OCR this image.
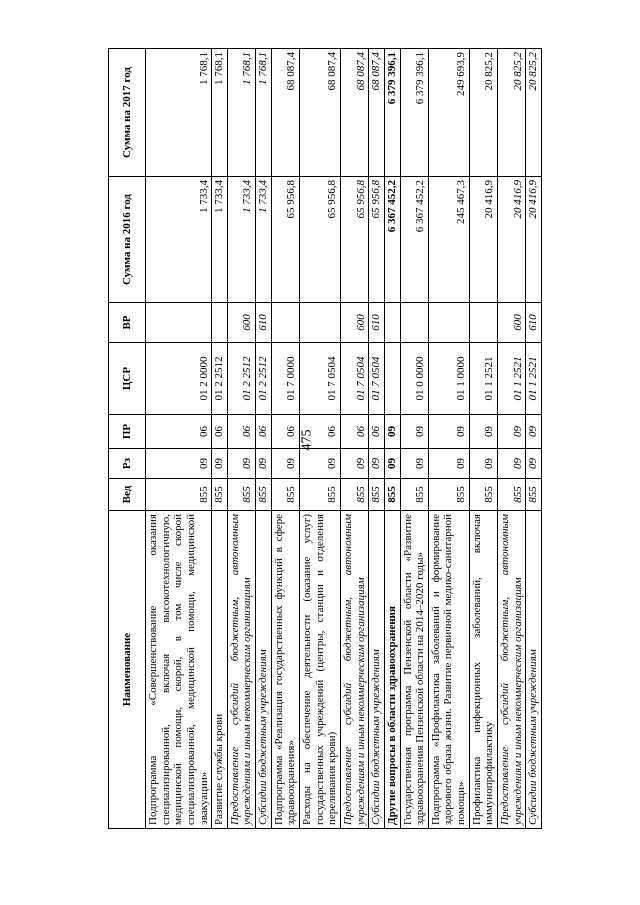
475
Наименование	Вед	Рз	ПР	ЦСР	ВР	Сумма на 2016 год	Сумма на 2017 год
Подпрограмма «Совершенствование оказания специализированной, включая высокотехнологичную, медицинской помощи, скорой, в том числе скорой специализированной, медицинской помощи, медицинской эвакуации»	855	09	06	01 2 0000		1 733,4	1 768,1
Развитие службы крови	855	09	06	01 2 2512		1 733,4	1 768,1
Предоставление субсидий бюджетным, автономным учреждениям и иным некоммерческим организациям	855	09	06	01 2 2512	600	1 733,4	1 768,1
Субсидии бюджетным учреждениям	855	09	06	01 2 2512	610	1 733,4	1 768,1
Подпрограмма «Реализация государственных функций в сфере здравоохранения»	855	09	06	01 7 0000		65 956,8	68 087,4
Расходы на обеспечение деятельности (оказание услуг) государственных учреждений (центры, станции и отделения переливания крови)	855	09	06	01 7 0504		65 956,8	68 087,4
Предоставление субсидий бюджетным, автономным учреждениям и иным некоммерческим организациям	855	09	06	01 7 0504	600	65 956,8	68 087,4
Субсидии бюджетным учреждениям	855	09	06	01 7 0504	610	65 956,8	68 087,4
Другие вопросы в области здравоохранения	855	09	09			6 367 452,2	6 379 396,1
Государственная программа Пензенской области «Развитие здравоохранения Пензенской области на 2014–2020 годы»	855	09	09	01 0 0000		6 367 452,2	6 379 396,1
Подпрограмма «Профилактика заболеваний и формирование здорового образа жизни. Развитие первичной медико-санитарной помощи»	855	09	09	01 1 0000		245 467,3	249 693,9
Профилактика инфекционных заболеваний, включая иммунопрофилактику	855	09	09	01 1 2521		20 416,9	20 825,2
Предоставление субсидий бюджетным, автономным учреждениям и иным некоммерческим организациям	855	09	09	01 1 2521	600	20 416,9	20 825,2
Субсидии бюджетным учреждениям	855	09	09	01 1 2521	610	20 416,9	20 825,2
